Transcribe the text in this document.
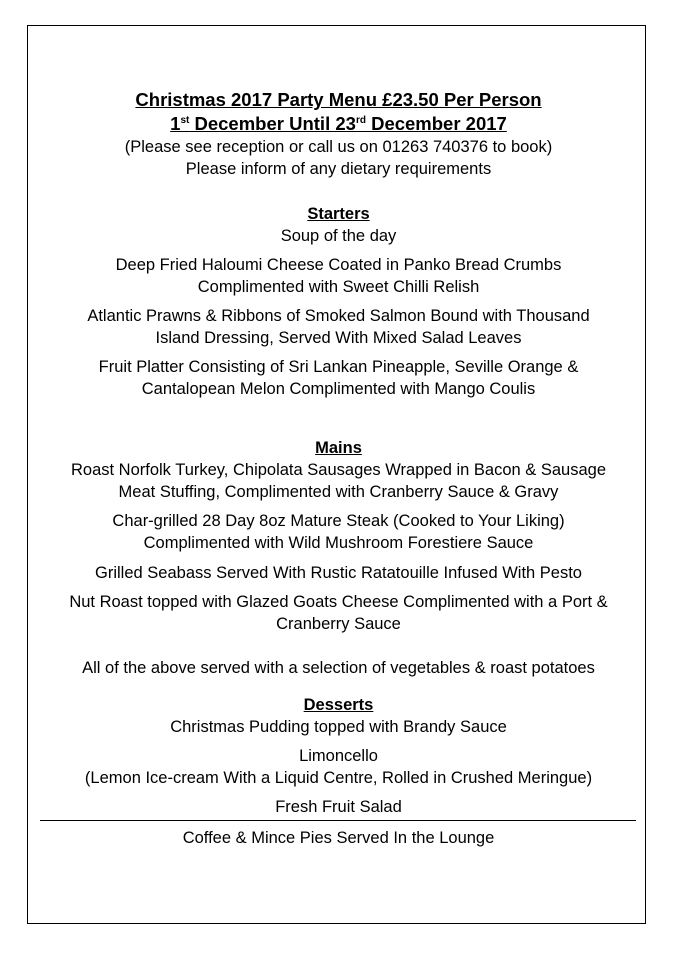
Christmas 2017 Party Menu £23.50 Per Person
1st December Until 23rd December 2017
(Please see reception or call us on 01263 740376 to book)
Please inform of any dietary requirements
Starters
Soup of the day
Deep Fried Haloumi Cheese Coated in Panko Bread Crumbs
Complimented with Sweet Chilli Relish
Atlantic Prawns & Ribbons of Smoked Salmon Bound with Thousand
Island Dressing, Served With Mixed Salad Leaves
Fruit Platter Consisting of Sri Lankan Pineapple, Seville Orange &
Cantalopean Melon Complimented with Mango Coulis
Mains
Roast Norfolk Turkey, Chipolata Sausages Wrapped in Bacon & Sausage
Meat Stuffing, Complimented with Cranberry Sauce & Gravy
Char-grilled 28 Day 8oz Mature Steak (Cooked to Your Liking)
Complimented with Wild Mushroom Forestiere Sauce
Grilled Seabass Served With Rustic Ratatouille Infused With Pesto
Nut Roast topped with Glazed Goats Cheese Complimented with a Port &
Cranberry Sauce
All of the above served with a selection of vegetables & roast potatoes
Desserts
Christmas Pudding topped with Brandy Sauce
Limoncello
(Lemon Ice-cream With a Liquid Centre, Rolled in Crushed Meringue)
Fresh Fruit Salad
Coffee & Mince Pies Served In the Lounge
